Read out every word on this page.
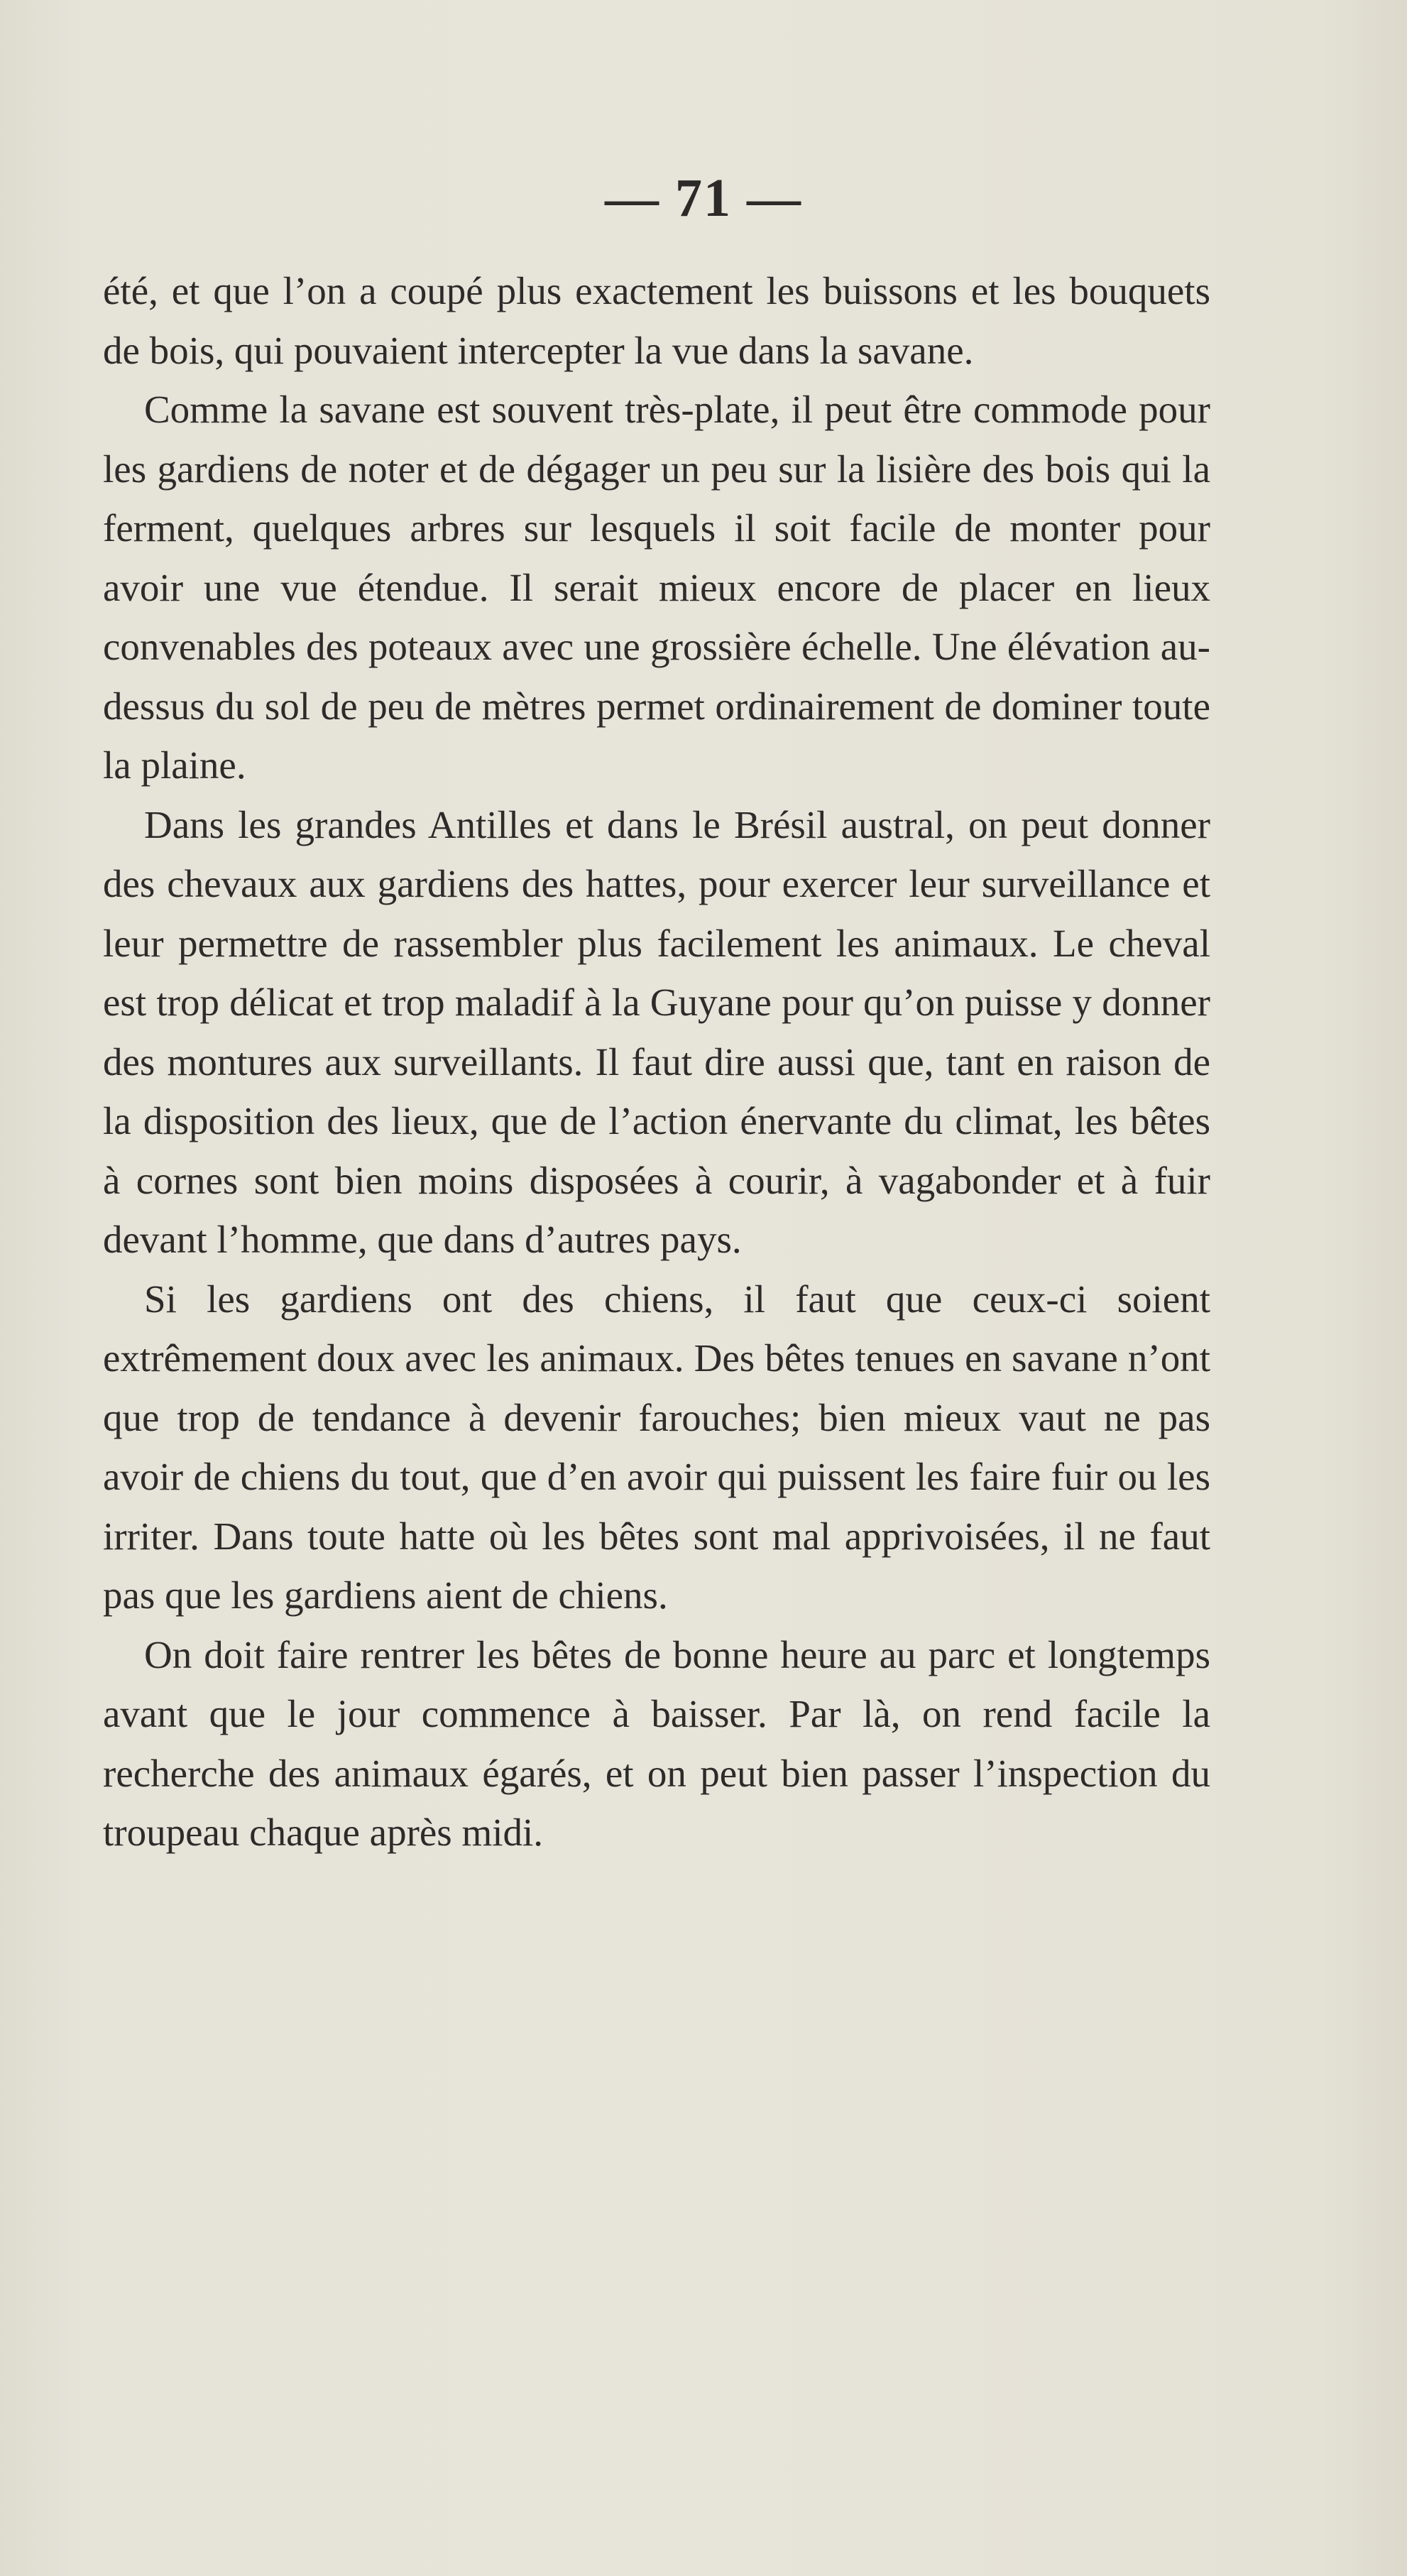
— 71 —

été, et que l’on a coupé plus exactement les buissons et les bouquets de bois, qui pouvaient intercepter la vue dans la savane.

Comme la savane est souvent très-plate, il peut être commode pour les gardiens de noter et de dégager un peu sur la lisière des bois qui la ferment, quelques arbres sur lesquels il soit facile de monter pour avoir une vue étendue. Il serait mieux encore de placer en lieux convenables des poteaux avec une grossière échelle. Une élévation au-dessus du sol de peu de mètres permet ordinairement de dominer toute la plaine.

Dans les grandes Antilles et dans le Brésil austral, on peut donner des chevaux aux gardiens des hattes, pour exercer leur surveillance et leur permettre de rassembler plus facilement les animaux. Le cheval est trop délicat et trop maladif à la Guyane pour qu’on puisse y donner des montures aux surveillants. Il faut dire aussi que, tant en raison de la disposition des lieux, que de l’action énervante du climat, les bêtes à cornes sont bien moins disposées à courir, à vagabonder et à fuir devant l’homme, que dans d’autres pays.

Si les gardiens ont des chiens, il faut que ceux-ci soient extrêmement doux avec les animaux. Des bêtes tenues en savane n’ont que trop de tendance à devenir farouches; bien mieux vaut ne pas avoir de chiens du tout, que d’en avoir qui puissent les faire fuir ou les irriter. Dans toute hatte où les bêtes sont mal apprivoisées, il ne faut pas que les gardiens aient de chiens.

On doit faire rentrer les bêtes de bonne heure au parc et longtemps avant que le jour commence à baisser. Par là, on rend facile la recherche des animaux égarés, et on peut bien passer l’inspection du troupeau chaque après midi.
